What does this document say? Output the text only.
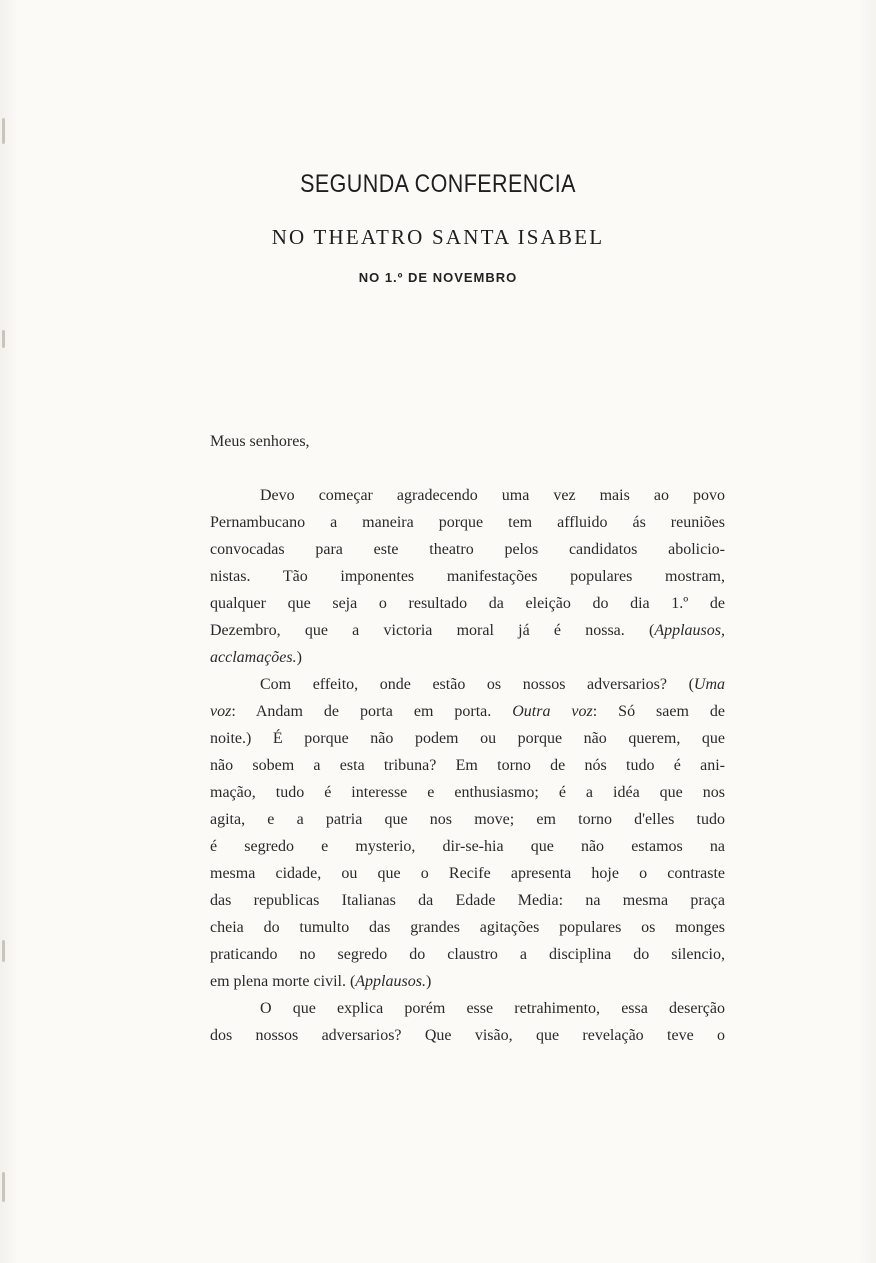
SEGUNDA CONFERENCIA
NO THEATRO SANTA ISABEL
NO 1.º DE NOVEMBRO

Meus senhores,

Devo começar agradecendo uma vez mais ao povo
Pernambucano a maneira porque tem affluido ás reuniões
convocadas para este theatro pelos candidatos abolicio-
nistas. Tão imponentes manifestações populares mostram,
qualquer que seja o resultado da eleição do dia 1.º de
Dezembro, que a victoria moral já é nossa. (Applausos,
acclamações.)
Com effeito, onde estão os nossos adversarios? (Uma
voz: Andam de porta em porta. Outra voz: Só saem de
noite.) É porque não podem ou porque não querem, que
não sobem a esta tribuna? Em torno de nós tudo é ani-
mação, tudo é interesse e enthusiasmo; é a idéa que nos
agita, e a patria que nos move; em torno d'elles tudo
é segredo e mysterio, dir-se-hia que não estamos na
mesma cidade, ou que o Recife apresenta hoje o contraste
das republicas Italianas da Edade Media: na mesma praça
cheia do tumulto das grandes agitações populares os monges
praticando no segredo do claustro a disciplina do silencio,
em plena morte civil. (Applausos.)
O que explica porém esse retrahimento, essa deserção
dos nossos adversarios? Que visão, que revelação teve o
